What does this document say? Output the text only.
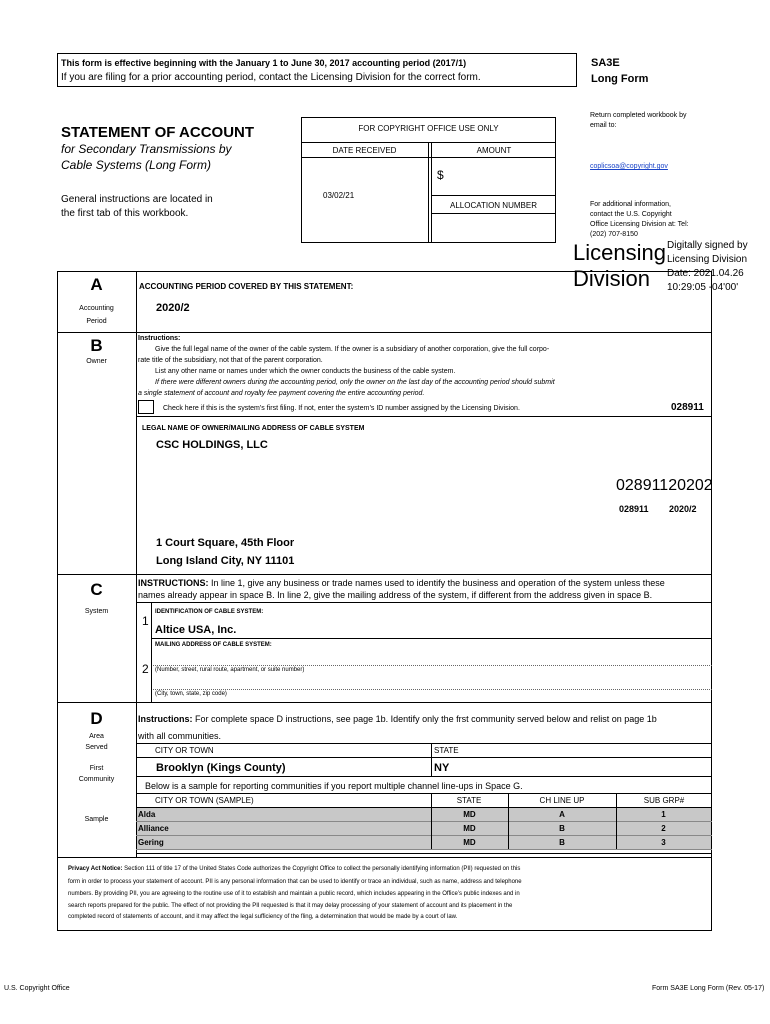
This form is effective beginning with the January 1 to June 30, 2017 accounting period (2017/1)
If you are filing for a prior accounting period, contact the Licensing Division for the correct form.
SA3E
Long Form
Return completed workbook by
email to:
coplicsoa@copyright.gov
For additional information,
contact the U.S. Copyright
Office Licensing Division at: Tel:
(202) 707-8150
STATEMENT OF ACCOUNT
for Secondary Transmissions by
Cable Systems (Long Form)
General instructions are located in
the first tab of this workbook.
FOR COPYRIGHT OFFICE USE ONLY
DATE RECEIVED	AMOUNT
$
03/02/21
ALLOCATION NUMBER
Licensing
Division
Digitally signed by
Licensing Division
Date: 2021.04.26
10:29:05 -04'00'
A
Accounting
Period
ACCOUNTING PERIOD COVERED BY THIS STATEMENT:
2020/2
B
Owner
Instructions:
Give the full legal name of the owner of the cable system. If the owner is a subsidiary of another corporation, give the full corpo-
rate title of the subsidiary, not that of the parent corporation.
List any other name or names under which the owner conducts the business of the cable system.
If there were different owners during the accounting period, only the owner on the last day of the accounting period should submit
a single statement of account and royalty fee payment covering the entire accounting period.
Check here if this is the system’s first filing. If not, enter the system’s ID number assigned by the Licensing Division.	028911
LEGAL NAME OF OWNER/MAILING ADDRESS OF CABLE SYSTEM
CSC HOLDINGS, LLC
02891120202
028911 2020/2
1 Court Square, 45th Floor
Long Island City, NY 11101
C
System
INSTRUCTIONS: In line 1, give any business or trade names used to identify the business and operation of the system unless these
names already appear in space B. In line 2, give the mailing address of the system, if different from the address given in space B.
1
IDENTIFICATION OF CABLE SYSTEM:
Altice USA, Inc.
MAILING ADDRESS OF CABLE SYSTEM:
2 (Number, street, rural route, apartment, or suite number)
(City, town, state, zip code)
D
Area
Served
First
Community
Sample
Instructions: For complete space D instructions, see page 1b. Identify only the frst community served below and relist on page 1b
with all communities.
CITY OR TOWN	STATE
Brooklyn (Kings County)	NY
Below is a sample for reporting communities if you report multiple channel line-ups in Space G.
CITY OR TOWN (SAMPLE)	STATE	CH LINE UP	SUB GRP#
Alda	MD	A	1
Alliance	MD	B	2
Gering	MD	B	3
Privacy Act Notice: Section 111 of title 17 of the United States Code authorizes the Copyright Office to collect the personally identifying information (PII) requested on this
form in order to process your statement of account. PII is any personal information that can be used to identify or trace an individual, such as name, address and telephone
numbers. By providing PII, you are agreeing to the routine use of it to establish and maintain a public record, which includes appearing in the Office’s public indexes and in
search reports prepared for the public. The effect of not providing the PII requested is that it may delay processing of your statement of account and its placement in the
completed record of statements of account, and it may affect the legal sufficiency of the fling, a determination that would be made by a court of law.
U.S. Copyright Office	Form SA3E Long Form (Rev. 05-17)
